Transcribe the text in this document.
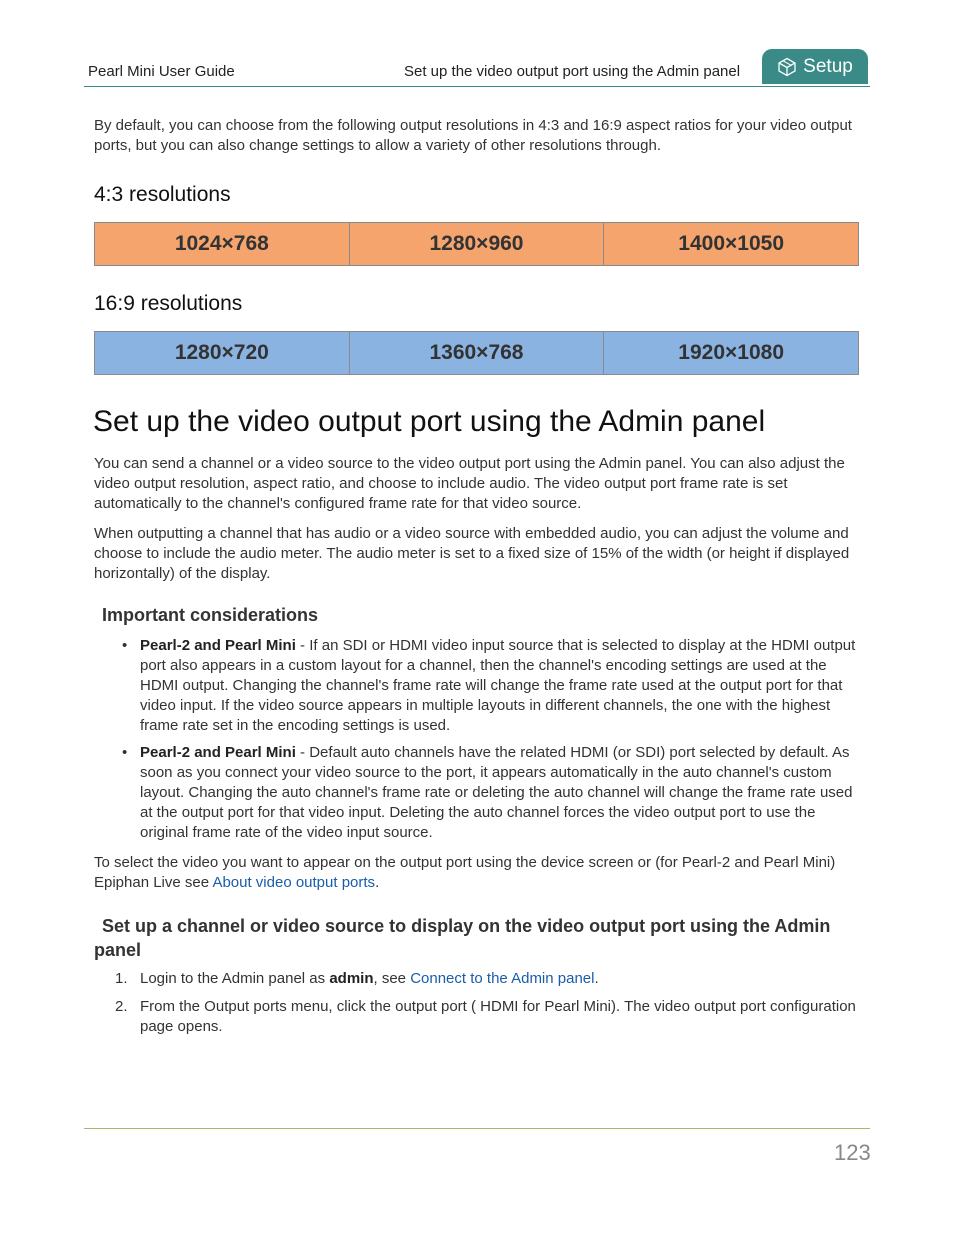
Pearl Mini User Guide	Set up the video output port using the Admin panel	Setup

By default, you can choose from the following output resolutions in 4:3 and 16:9 aspect ratios for your video output ports, but you can also change settings to allow a variety of other resolutions through.

4:3 resolutions
1024×768	1280×960	1400×1050
16:9 resolutions
1280×720	1360×768	1920×1080
Set up the video output port using the Admin panel

You can send a channel or a video source to the video output port using the Admin panel. You can also adjust the video output resolution, aspect ratio, and choose to include audio. The video output port frame rate is set automatically to the channel's configured frame rate for that video source.

When outputting a channel that has audio or a video source with embedded audio, you can adjust the volume and choose to include the audio meter. The audio meter is set to a fixed size of 15% of the width (or height if displayed horizontally) of the display.

Important considerations
• Pearl-2 and Pearl Mini - If an SDI or HDMI video input source that is selected to display at the HDMI output port also appears in a custom layout for a channel, then the channel's encoding settings are used at the HDMI output. Changing the channel's frame rate will change the frame rate used at the output port for that video input. If the video source appears in multiple layouts in different channels, the one with the highest frame rate set in the encoding settings is used.
• Pearl-2 and Pearl Mini - Default auto channels have the related HDMI (or SDI) port selected by default. As soon as you connect your video source to the port, it appears automatically in the auto channel's custom layout. Changing the auto channel's frame rate or deleting the auto channel will change the frame rate used at the output port for that video input. Deleting the auto channel forces the video output port to use the original frame rate of the video input source.

To select the video you want to appear on the output port using the device screen or (for Pearl-2 and Pearl Mini) Epiphan Live see About video output ports.

Set up a channel or video source to display on the video output port using the Admin panel
1. Login to the Admin panel as admin, see Connect to the Admin panel.
2. From the Output ports menu, click the output port ( HDMI for Pearl Mini). The video output port configuration page opens.
123
